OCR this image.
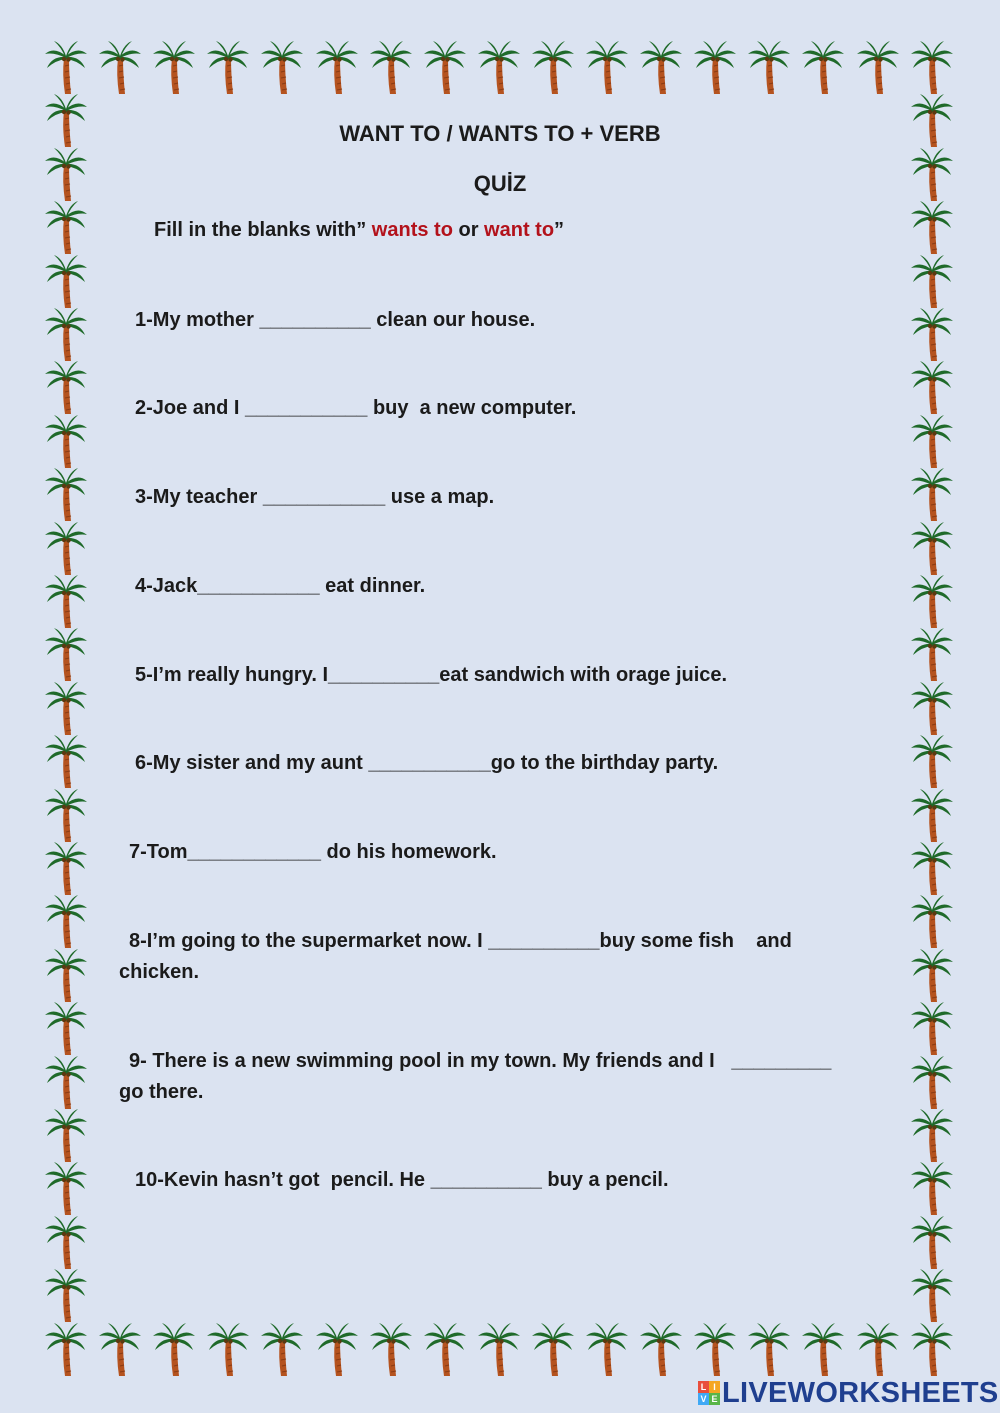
WANT TO / WANTS TO + VERB
QUİZ

Fill in the blanks with” wants to or want to”

1-My mother __________ clean our house.

2-Joe and I ___________ buy  a new computer.

3-My teacher ___________ use a map.

4-Jack___________ eat dinner.

5-I’m really hungry. I__________eat sandwich with orage juice.

6-My sister and my aunt ___________go to the birthday party.

7-Tom____________ do his homework.

8-I’m going to the supermarket now. I __________buy some fish    and

chicken.

9- There is a new swimming pool in my town. My friends and I   _________

go there.

10-Kevin hasn’t got  pencil. He __________ buy a pencil.

L I
V E LIVEWORKSHEETS
